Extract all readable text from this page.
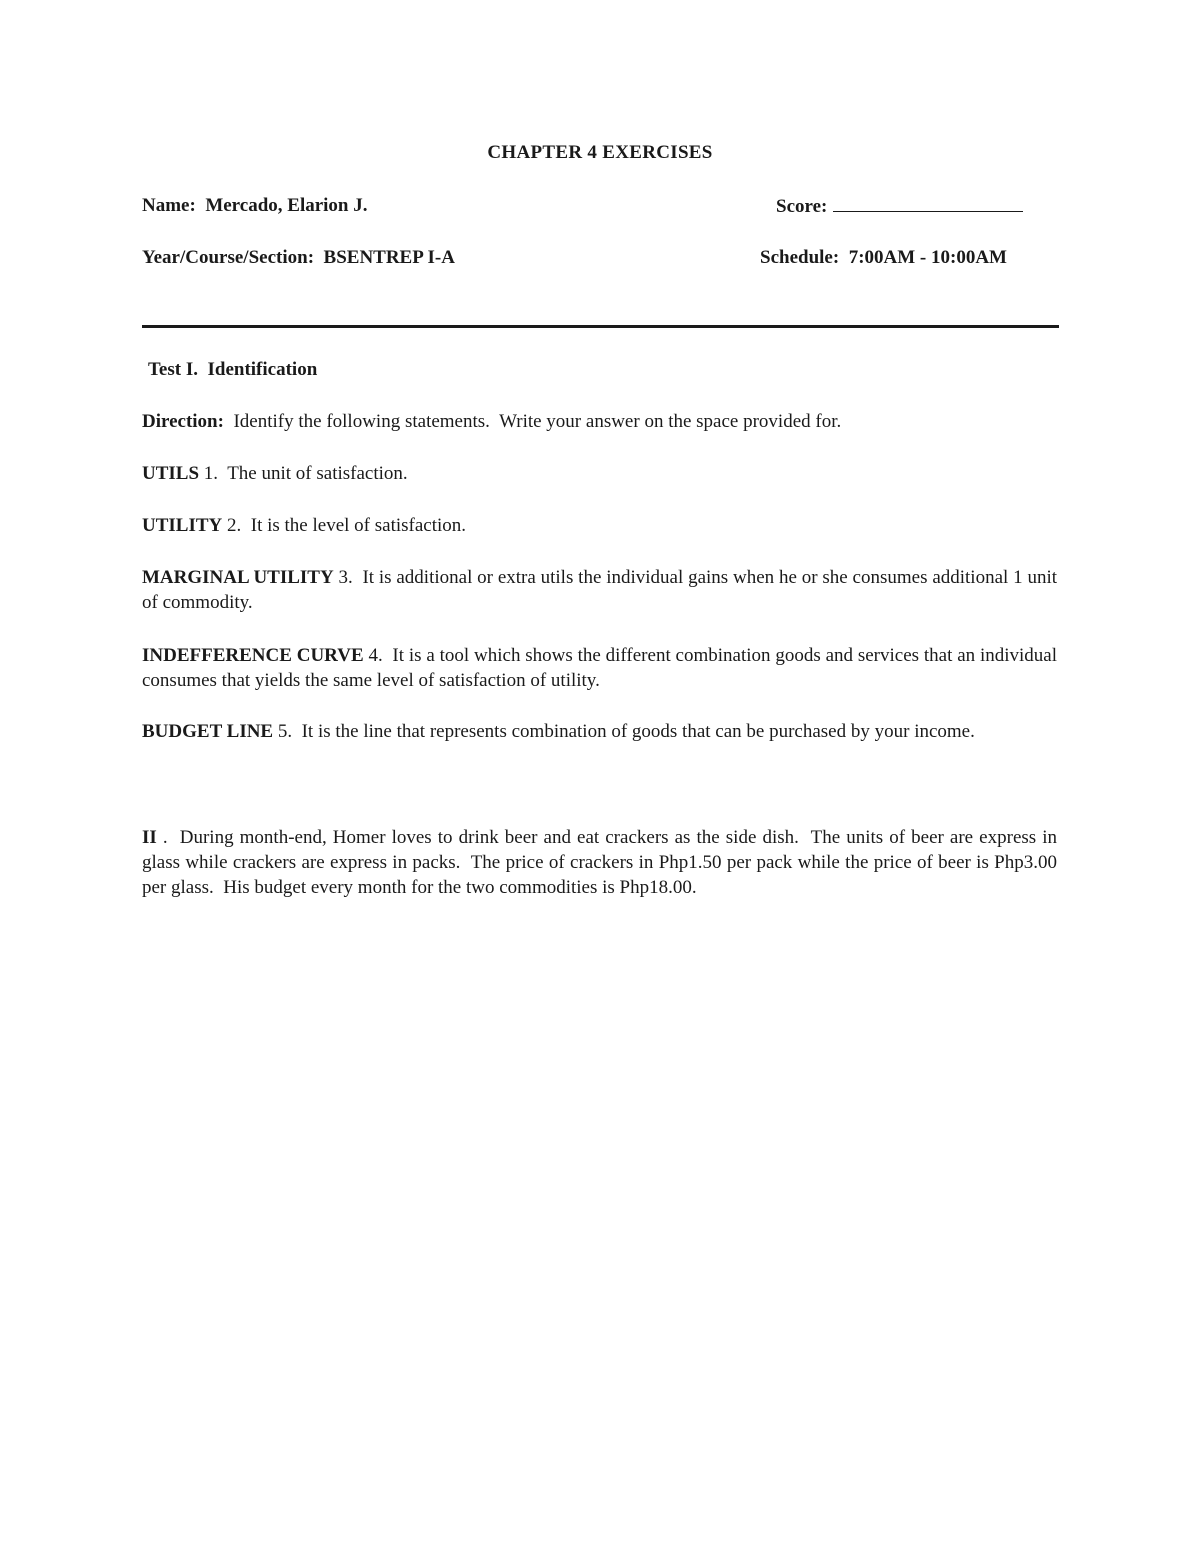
CHAPTER 4 EXERCISES
Name: Mercado, Elarion J.	Score:
Year/Course/Section: BSENTREP I-A	Schedule: 7:00AM - 10:00AM
Test I.  Identification
Direction: Identify the following statements.  Write your answer on the space provided for.
UTILS 1. The unit of satisfaction.
UTILITY 2. It is the level of satisfaction.
MARGINAL UTILITY 3. It is additional or extra utils the individual gains when he or she consumes additional 1 unit of commodity.
INDEFFERENCE CURVE 4. It is a tool which shows the different combination goods and services that an individual consumes that yields the same level of satisfaction of utility.
BUDGET LINE 5. It is the line that represents combination of goods that can be purchased by your income.
II .  During month-end, Homer loves to drink beer and eat crackers as the side dish.  The units of beer are express in glass while crackers are express in packs.  The price of crackers in Php1.50 per pack while the price of beer is Php3.00 per glass.  His budget every month for the two commodities is Php18.00.
